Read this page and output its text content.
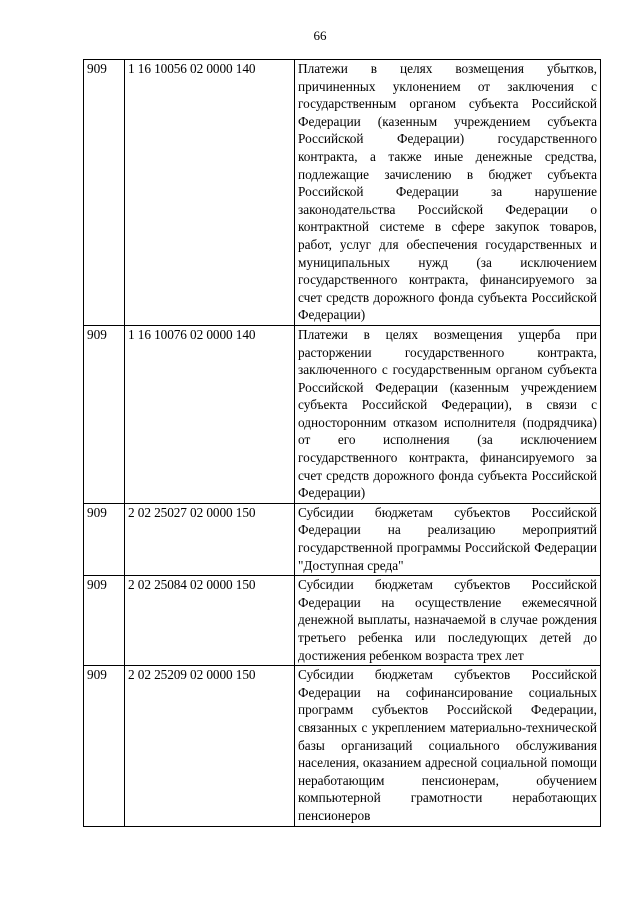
66
909	1 16 10056 02 0000 140	Платежи в целях возмещения убытков, причиненных уклонением от заключения с государственным органом субъекта Российской Федерации (казенным учреждением субъекта Российской Федерации) государственного контракта, а также иные денежные средства, подлежащие зачислению в бюджет субъекта Российской Федерации за нарушение законодательства Российской Федерации о контрактной системе в сфере закупок товаров, работ, услуг для обеспечения государственных и муниципальных нужд (за исключением государственного контракта, финансируемого за счет средств дорожного фонда субъекта Российской Федерации)
909	1 16 10076 02 0000 140	Платежи в целях возмещения ущерба при расторжении государственного контракта, заключенного с государственным органом субъекта Российской Федерации (казенным учреждением субъекта Российской Федерации), в связи с односторонним отказом исполнителя (подрядчика) от его исполнения (за исключением государственного контракта, финансируемого за счет средств дорожного фонда субъекта Российской Федерации)
909	2 02 25027 02 0000 150	Субсидии бюджетам субъектов Российской Федерации на реализацию мероприятий государственной программы Российской Федерации "Доступная среда"
909	2 02 25084 02 0000 150	Субсидии бюджетам субъектов Российской Федерации на осуществление ежемесячной денежной выплаты, назначаемой в случае рождения третьего ребенка или последующих детей до достижения ребенком возраста трех лет
909	2 02 25209 02 0000 150	Субсидии бюджетам субъектов Российской Федерации на софинансирование социальных программ субъектов Российской Федерации, связанных с укреплением материально-технической базы организаций социального обслуживания населения, оказанием адресной социальной помощи неработающим пенсионерам, обучением компьютерной грамотности неработающих пенсионеров
